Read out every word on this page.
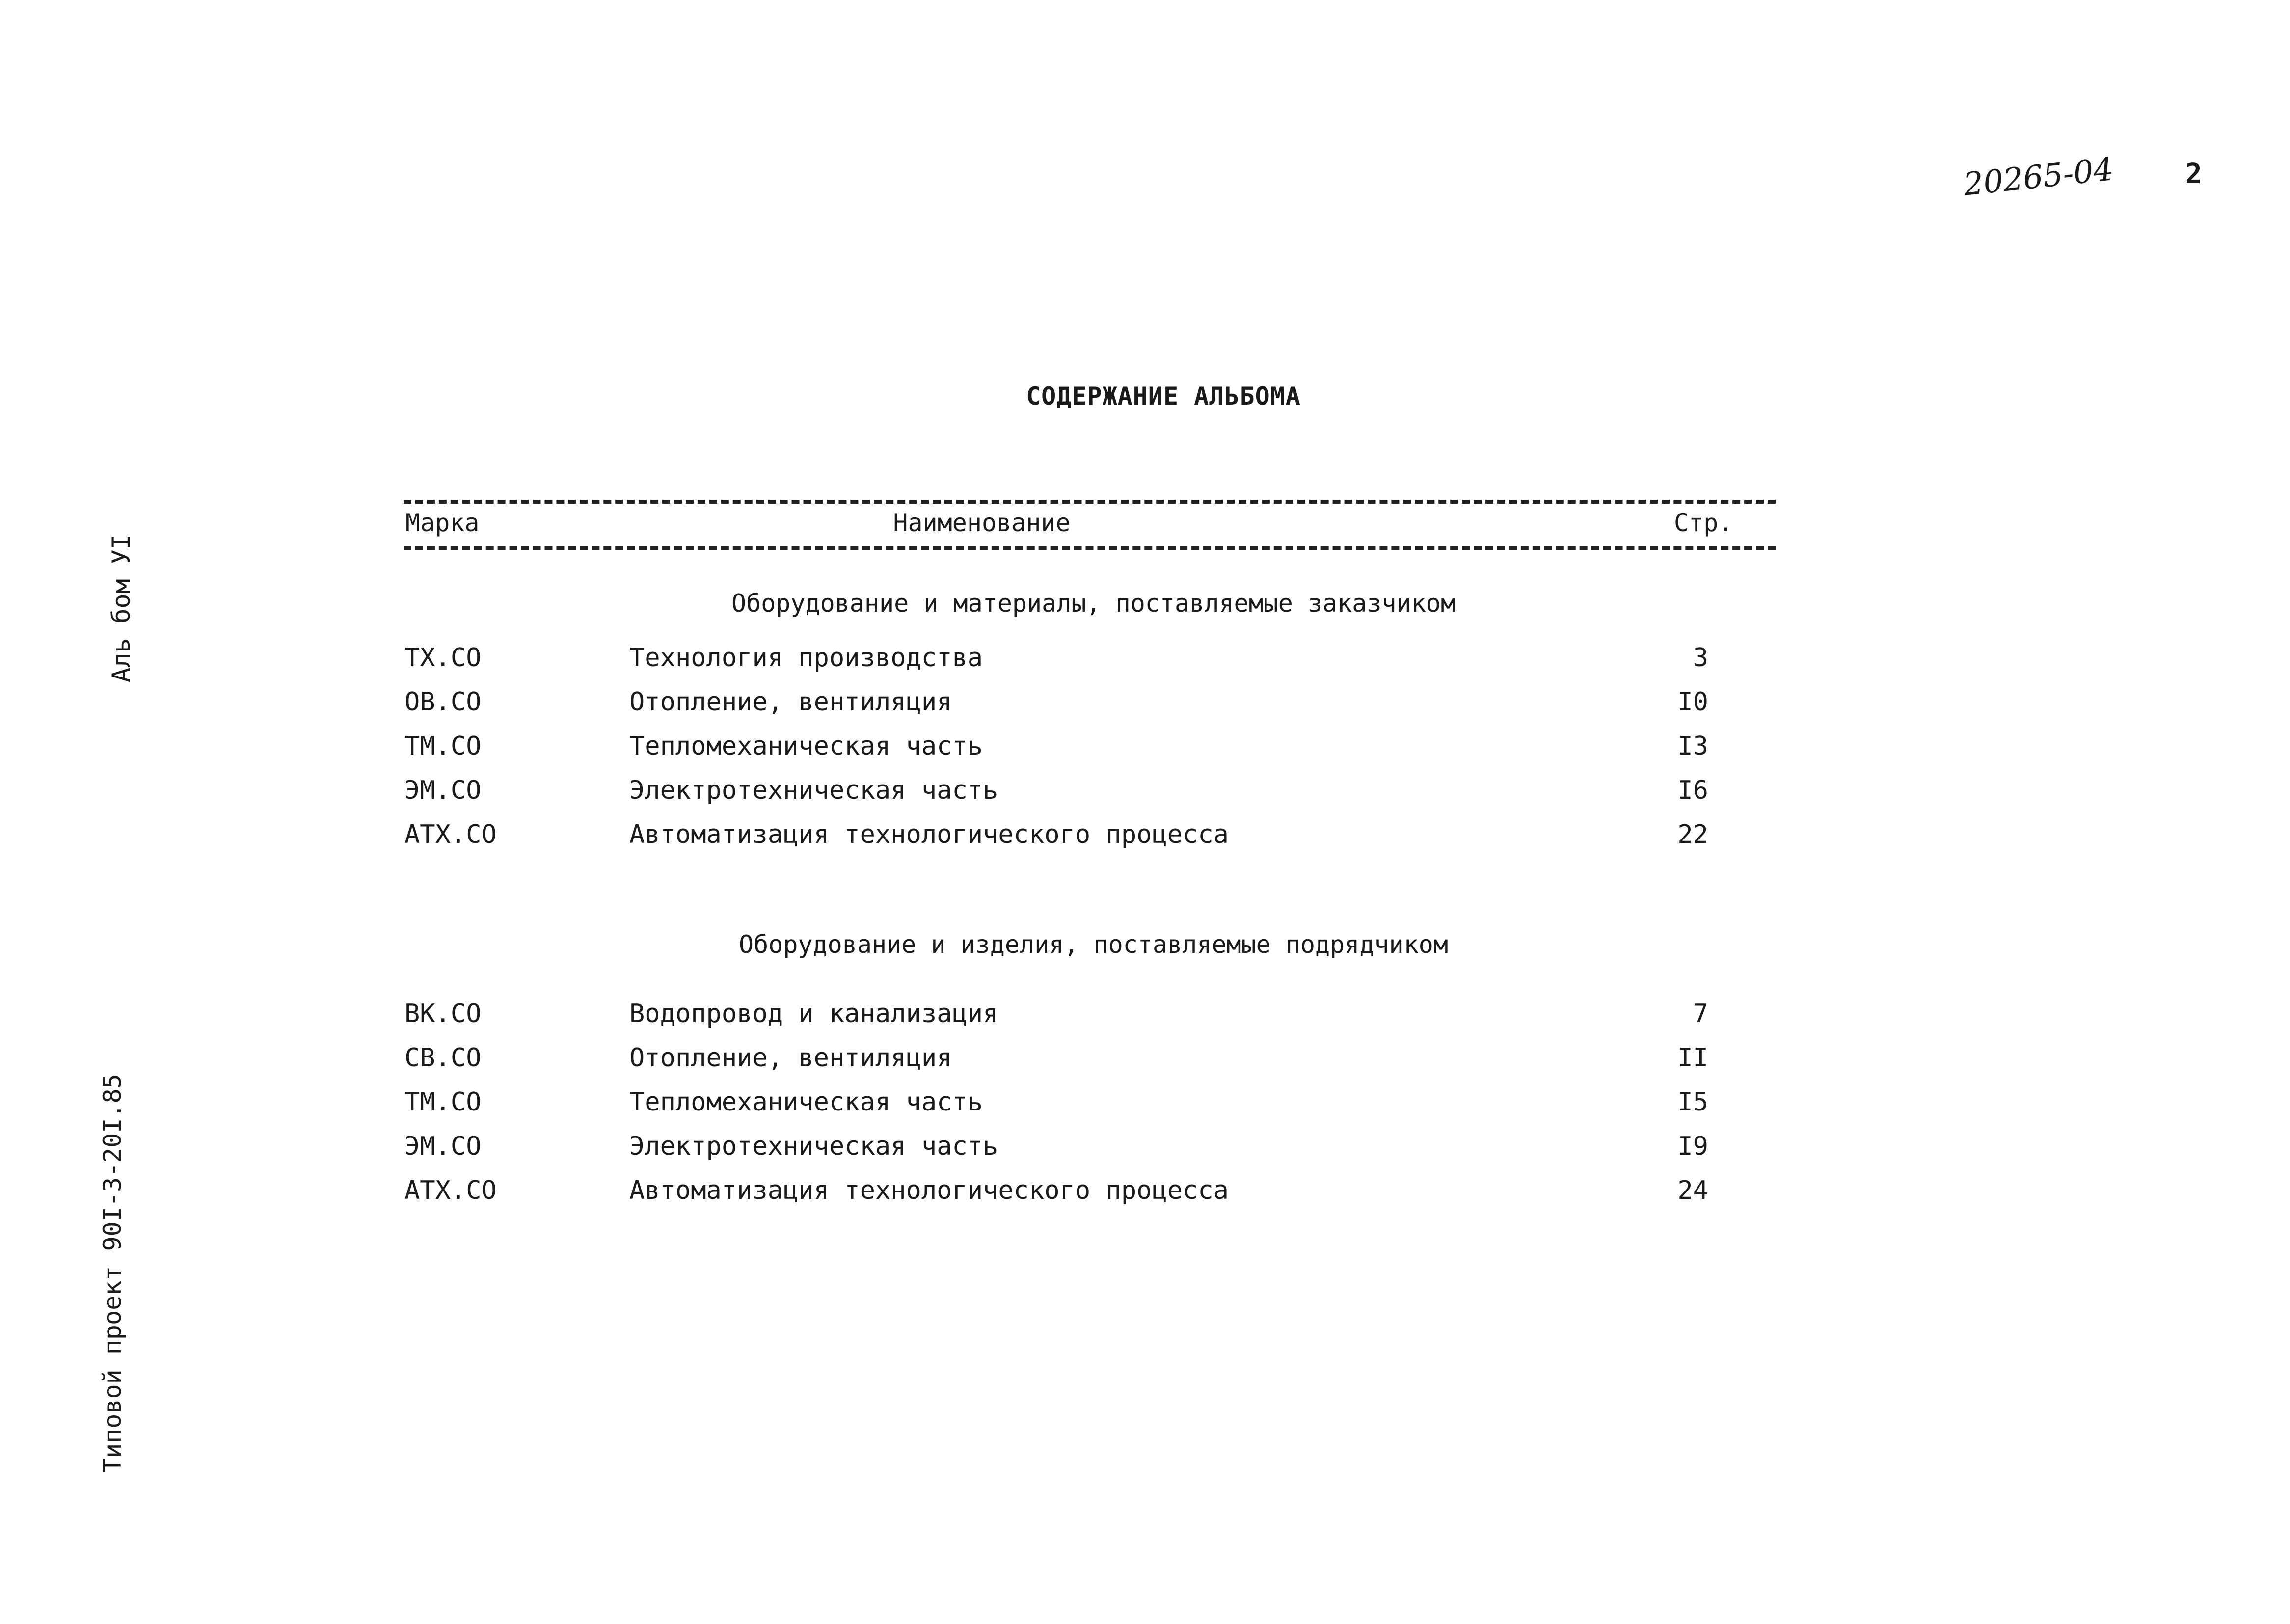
20265-04	2
СОДЕРЖАНИЕ АЛЬБОМА
Марка	Наименование	Стр.
Оборудование и материалы, поставляемые заказчиком
ТХ.СО	Технология производства	3
ОВ.СО	Отопление, вентиляция	I0
ТМ.СО	Тепломеханическая часть	I3
ЭМ.СО	Электротехническая часть	I6
АТХ.СО	Автоматизация технологического процесса	22
Оборудование и изделия, поставляемые подрядчиком
ВК.СО	Водопровод и канализация	7
СВ.СО	Отопление, вентиляция	II
ТМ.СО	Тепломеханическая часть	I5
ЭМ.СО	Электротехническая часть	I9
АТХ.СО	Автоматизация технологического процесса	24
Аль бом УI
Типовой проект 90I-3-20I.85
